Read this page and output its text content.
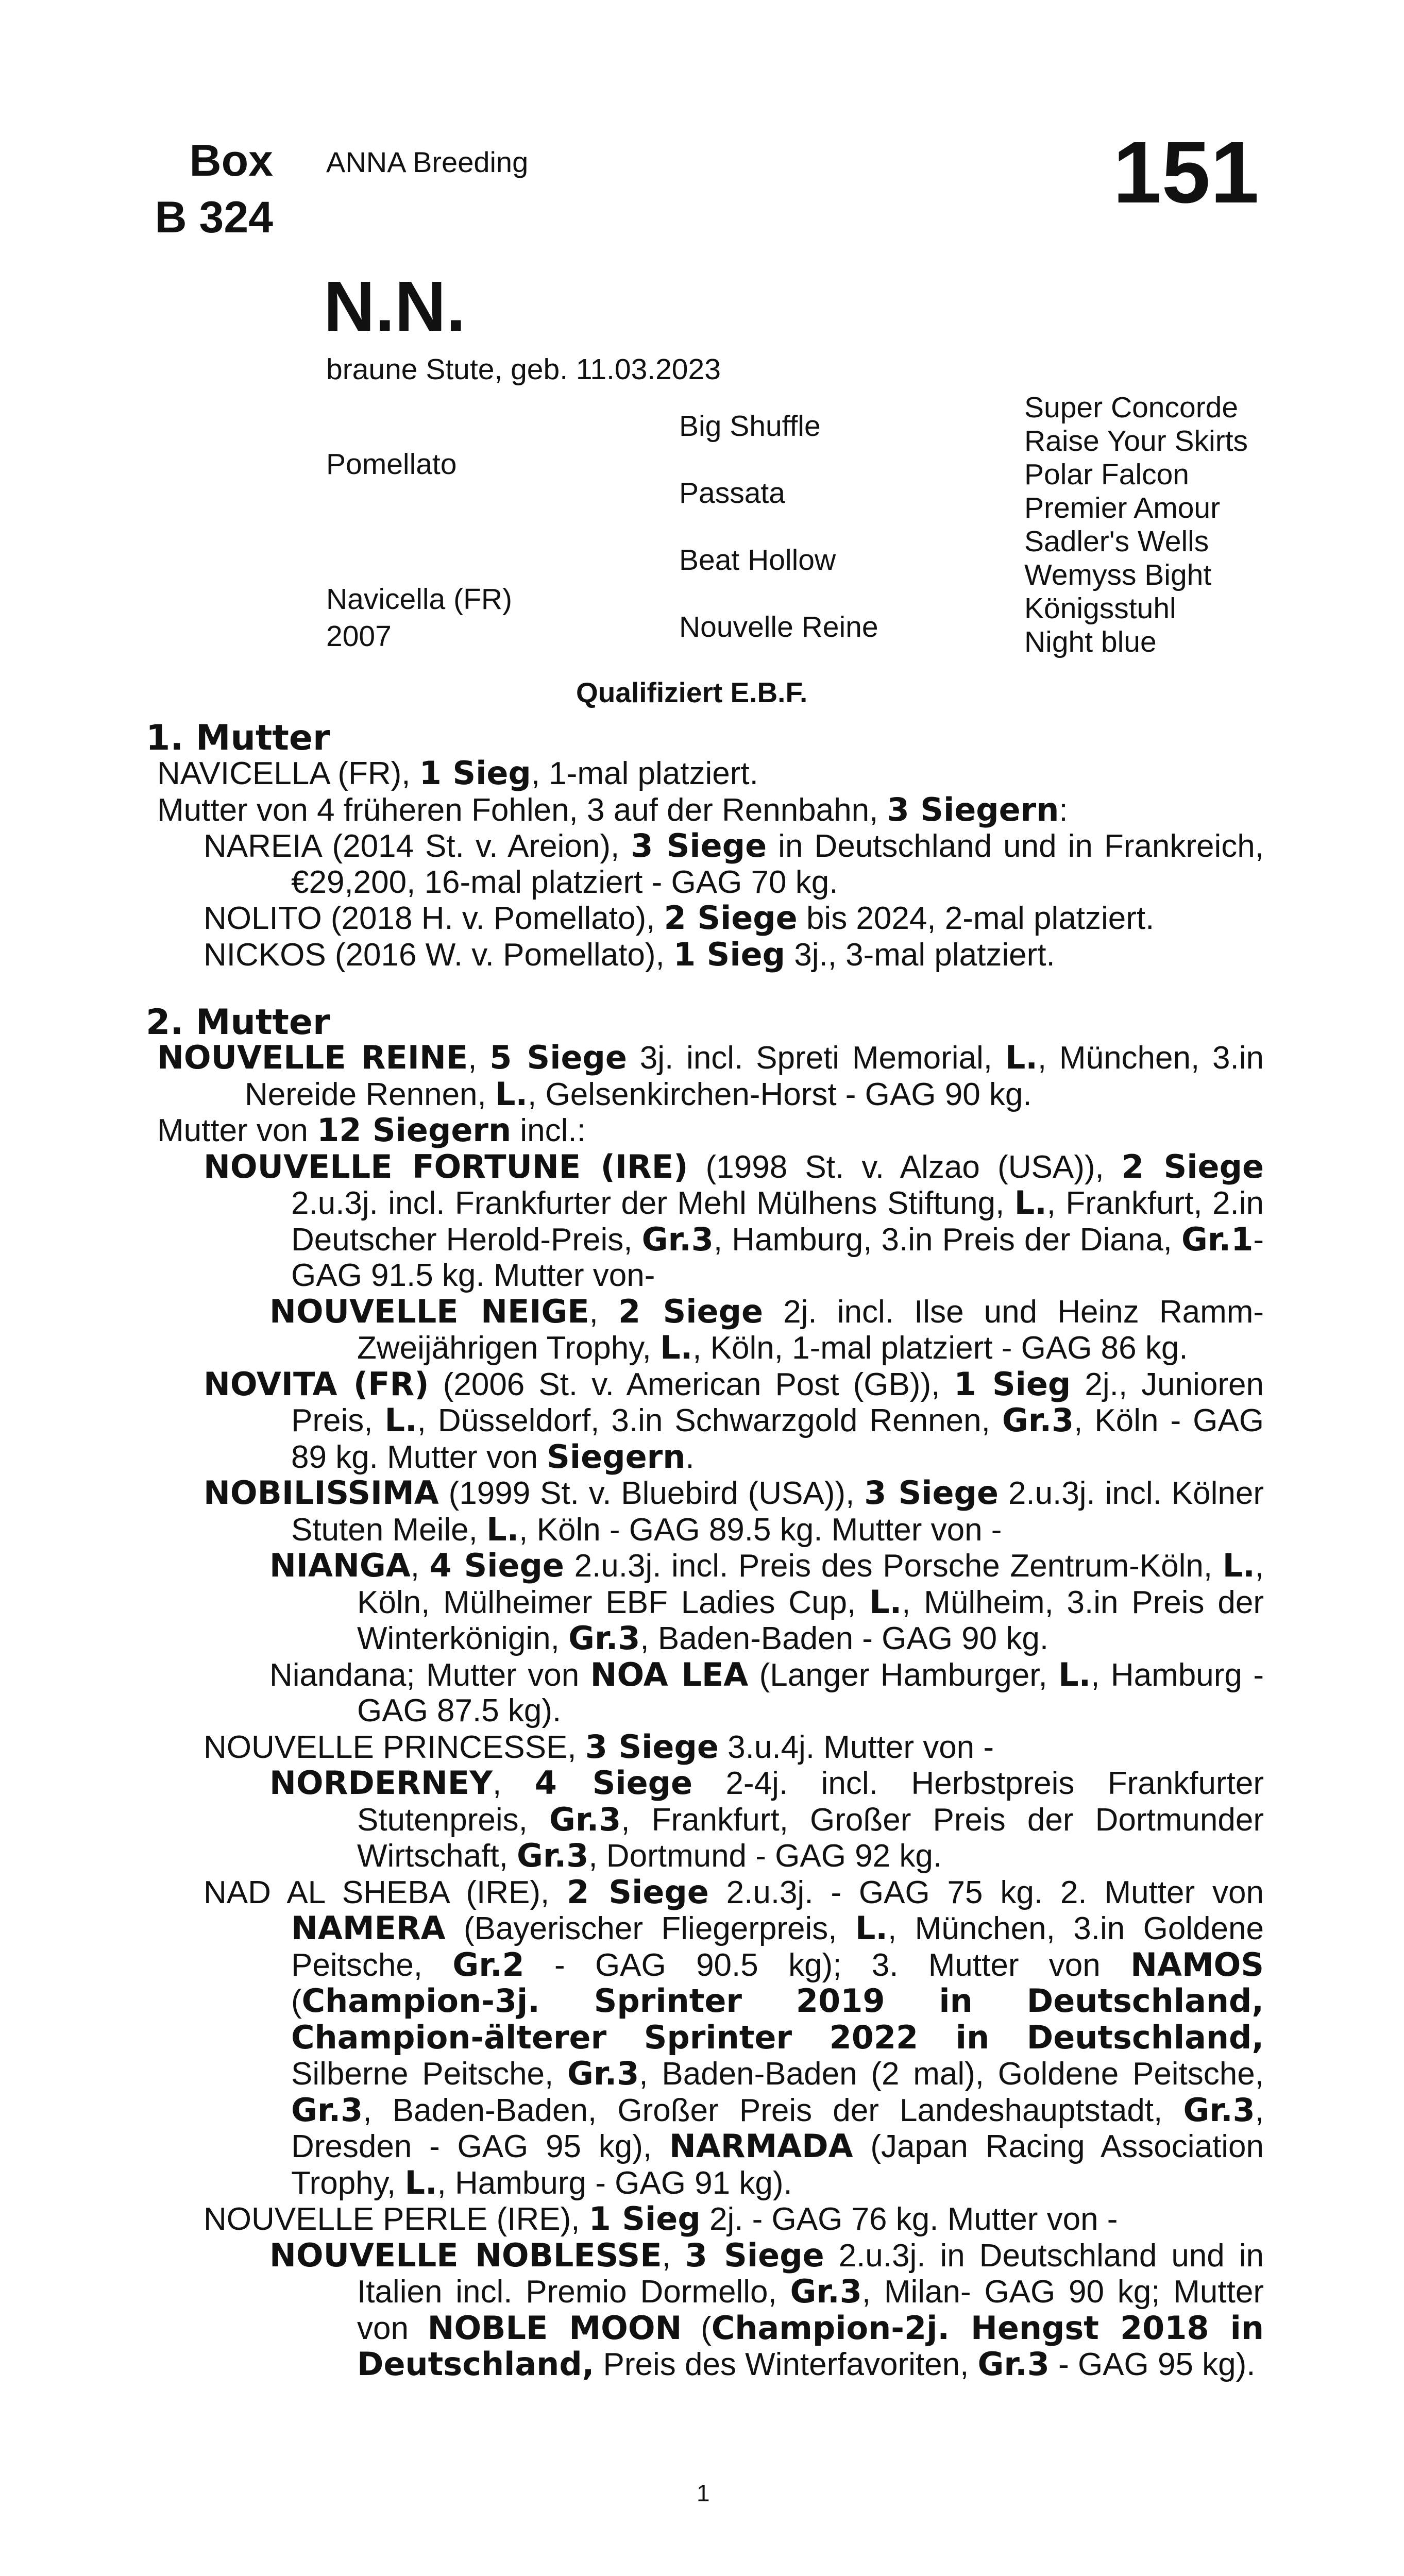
Box
B 324
ANNA Breeding	151
N.N.
braune Stute, geb. 11.03.2023
Pomellato
Navicella (FR)
2007
Big Shuffle
Passata
Beat Hollow
Nouvelle Reine
Super Concorde
Raise Your Skirts
Polar Falcon
Premier Amour
Sadler's Wells
Wemyss Bight
Königsstuhl
Night blue
Qualifiziert E.B.F.
1. Mutter
NAVICELLA (FR), 1 Sieg, 1-mal platziert.
Mutter von 4 früheren Fohlen, 3 auf der Rennbahn, 3 Siegern:
NAREIA (2014 St. v. Areion), 3 Siege in Deutschland und in Frankreich, €29,200, 16-mal platziert - GAG 70 kg.
NOLITO (2018 H. v. Pomellato), 2 Siege bis 2024, 2-mal platziert.
NICKOS (2016 W. v. Pomellato), 1 Sieg 3j., 3-mal platziert.
2. Mutter
NOUVELLE REINE, 5 Siege 3j. incl. Spreti Memorial, L., München, 3.in Nereide Rennen, L., Gelsenkirchen-Horst - GAG 90 kg.
Mutter von 12 Siegern incl.:
NOUVELLE FORTUNE (IRE) (1998 St. v. Alzao (USA)), 2 Siege 2.u.3j. incl. Frankfurter der Mehl Mülhens Stiftung, L., Frankfurt, 2.in Deutscher Herold-Preis, Gr.3, Hamburg, 3.in Preis der Diana, Gr.1-GAG 91.5 kg. Mutter von-
NOUVELLE NEIGE, 2 Siege 2j. incl. Ilse und Heinz Ramm-Zweijährigen Trophy, L., Köln, 1-mal platziert - GAG 86 kg.
NOVITA (FR) (2006 St. v. American Post (GB)), 1 Sieg 2j., Junioren Preis, L., Düsseldorf, 3.in Schwarzgold Rennen, Gr.3, Köln - GAG 89 kg. Mutter von Siegern.
NOBILISSIMA (1999 St. v. Bluebird (USA)), 3 Siege 2.u.3j. incl. Kölner Stuten Meile, L., Köln - GAG 89.5 kg. Mutter von -
NIANGA, 4 Siege 2.u.3j. incl. Preis des Porsche Zentrum-Köln, L., Köln, Mülheimer EBF Ladies Cup, L., Mülheim, 3.in Preis der Winterkönigin, Gr.3, Baden-Baden - GAG 90 kg.
Niandana; Mutter von NOA LEA (Langer Hamburger, L., Hamburg - GAG 87.5 kg).
NOUVELLE PRINCESSE, 3 Siege 3.u.4j. Mutter von -
NORDERNEY, 4 Siege 2-4j. incl. Herbstpreis Frankfurter Stutenpreis, Gr.3, Frankfurt, Großer Preis der Dortmunder Wirtschaft, Gr.3, Dortmund - GAG 92 kg.
NAD AL SHEBA (IRE), 2 Siege 2.u.3j. - GAG 75 kg. 2. Mutter von NAMERA (Bayerischer Fliegerpreis, L., München, 3.in Goldene Peitsche, Gr.2 - GAG 90.5 kg); 3. Mutter von NAMOS (Champion-3j. Sprinter 2019 in Deutschland, Champion-älterer Sprinter 2022 in Deutschland, Silberne Peitsche, Gr.3, Baden-Baden (2 mal), Goldene Peitsche, Gr.3, Baden-Baden, Großer Preis der Landeshauptstadt, Gr.3, Dresden - GAG 95 kg), NARMADA (Japan Racing Association Trophy, L., Hamburg - GAG 91 kg).
NOUVELLE PERLE (IRE), 1 Sieg 2j. - GAG 76 kg. Mutter von -
NOUVELLE NOBLESSE, 3 Siege 2.u.3j. in Deutschland und in Italien incl. Premio Dormello, Gr.3, Milan- GAG 90 kg; Mutter von NOBLE MOON (Champion-2j. Hengst 2018 in Deutschland, Preis des Winterfavoriten, Gr.3 - GAG 95 kg).
1
